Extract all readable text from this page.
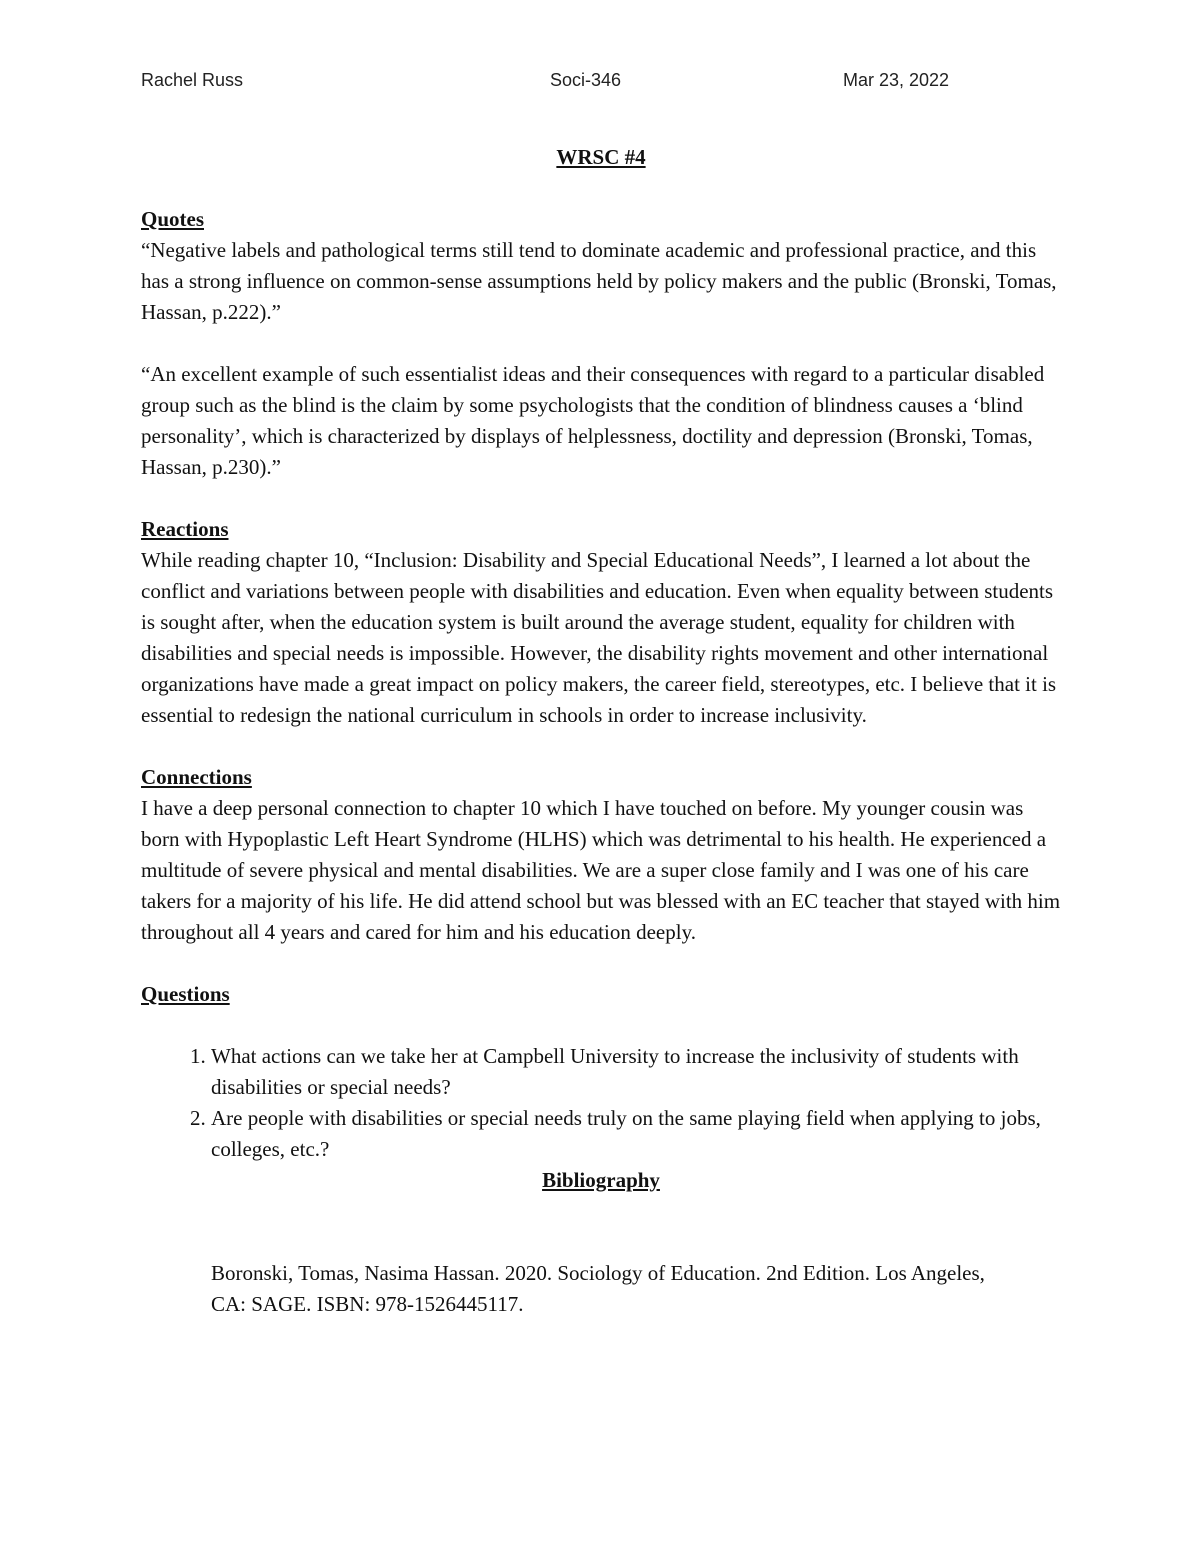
Rachel Russ	Soci-346	Mar 23, 2022
WRSC #4
Quotes

“Negative labels and pathological terms still tend to dominate academic and professional practice, and this has a strong influence on common-sense assumptions held by policy makers and the public (Bronski, Tomas, Hassan, p.222).”

“An excellent example of such essentialist ideas and their consequences with regard to a particular disabled group such as the blind is the claim by some psychologists that the condition of blindness causes a ‘blind personality’, which is characterized by displays of helplessness, doctility and depression (Bronski, Tomas, Hassan, p.230).”

Reactions

While reading chapter 10, “Inclusion: Disability and Special Educational Needs”, I learned a lot about the conflict and variations between people with disabilities and education. Even when equality between students is sought after, when the education system is built around the average student, equality for children with disabilities and special needs is impossible. However, the disability rights movement and other international organizations have made a great impact on policy makers, the career field, stereotypes, etc. I believe that it is essential to redesign the national curriculum in schools in order to increase inclusivity.

Connections

I have a deep personal connection to chapter 10 which I have touched on before. My younger cousin was born with Hypoplastic Left Heart Syndrome (HLHS) which was detrimental to his health. He experienced a multitude of severe physical and mental disabilities. We are a super close family and I was one of his care takers for a majority of his life. He did attend school but was blessed with an EC teacher that stayed with him throughout all 4 years and cared for him and his education deeply.

Questions
1. What actions can we take her at Campbell University to increase the inclusivity of students with disabilities or special needs?
2. Are people with disabilities or special needs truly on the same playing field when applying to jobs, colleges, etc.?
Bibliography

Boronski, Tomas, Nasima Hassan. 2020. Sociology of Education. 2nd Edition. Los Angeles, CA: SAGE. ISBN: 978-1526445117.
